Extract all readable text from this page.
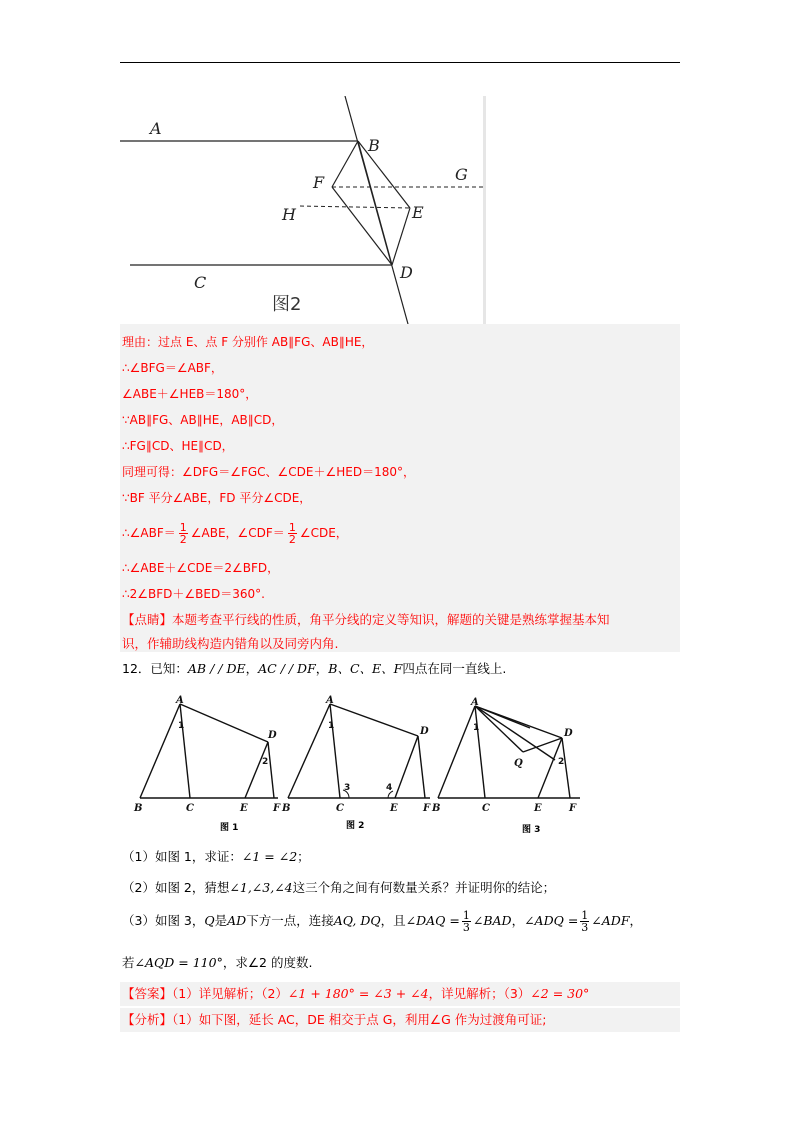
A
B
C
D
E
F	G
H
图2
理由：过点 E、点 F 分别作 AB∥FG、AB∥HE，
∴∠BFG＝∠ABF，
∠ABE＋∠HEB＝180°，
∵AB∥FG、AB∥HE，AB∥CD，
∴FG∥CD、HE∥CD，
同理可得：∠DFG＝∠FGC、∠CDE＋∠HED＝180°，
∵BF 平分∠ABE，FD 平分∠CDE，
∴∠ABF＝ $\frac{1}{2}$ ∠ABE，∠CDF＝ $\frac{1}{2}$ ∠CDE，
∴∠ABE＋∠CDE＝2∠BFD，
∴2∠BFD＋∠BED＝360°.
【点睛】本题考查平行线的性质，角平分线的定义等知识，解题的关键是熟练掌握基本知
识，作辅助线构造内错角以及同旁内角.
12．已知：AB / / DE，AC / / DF，B、C、E、F四点在同一直线上.
A
B	C
D
E	F
A
B	C
D
E	F
A
B	C
D
E	F
Q
1
2
1
3	4
1
2
图 1	图 2	图 3
（1）如图 1，求证：∠1 = ∠2；
（2）如图 2，猜想∠1,∠3,∠4这三个角之间有何数量关系？并证明你的结论；
（3）如图 3，Q是AD下方一点，连接AQ, DQ，且∠DAQ = $\frac{1}{3}$ ∠BAD，∠ADQ = $\frac{1}{3}$ ∠ADF，
若∠AQD = 110°，求∠2 的度数.
【答案】（1）详见解析；（2）∠1 + 180° = ∠3 + ∠4，详见解析；（3）∠2 = 30°
【分析】（1）如下图，延长 AC，DE 相交于点 G，利用∠G 作为过渡角可证;
